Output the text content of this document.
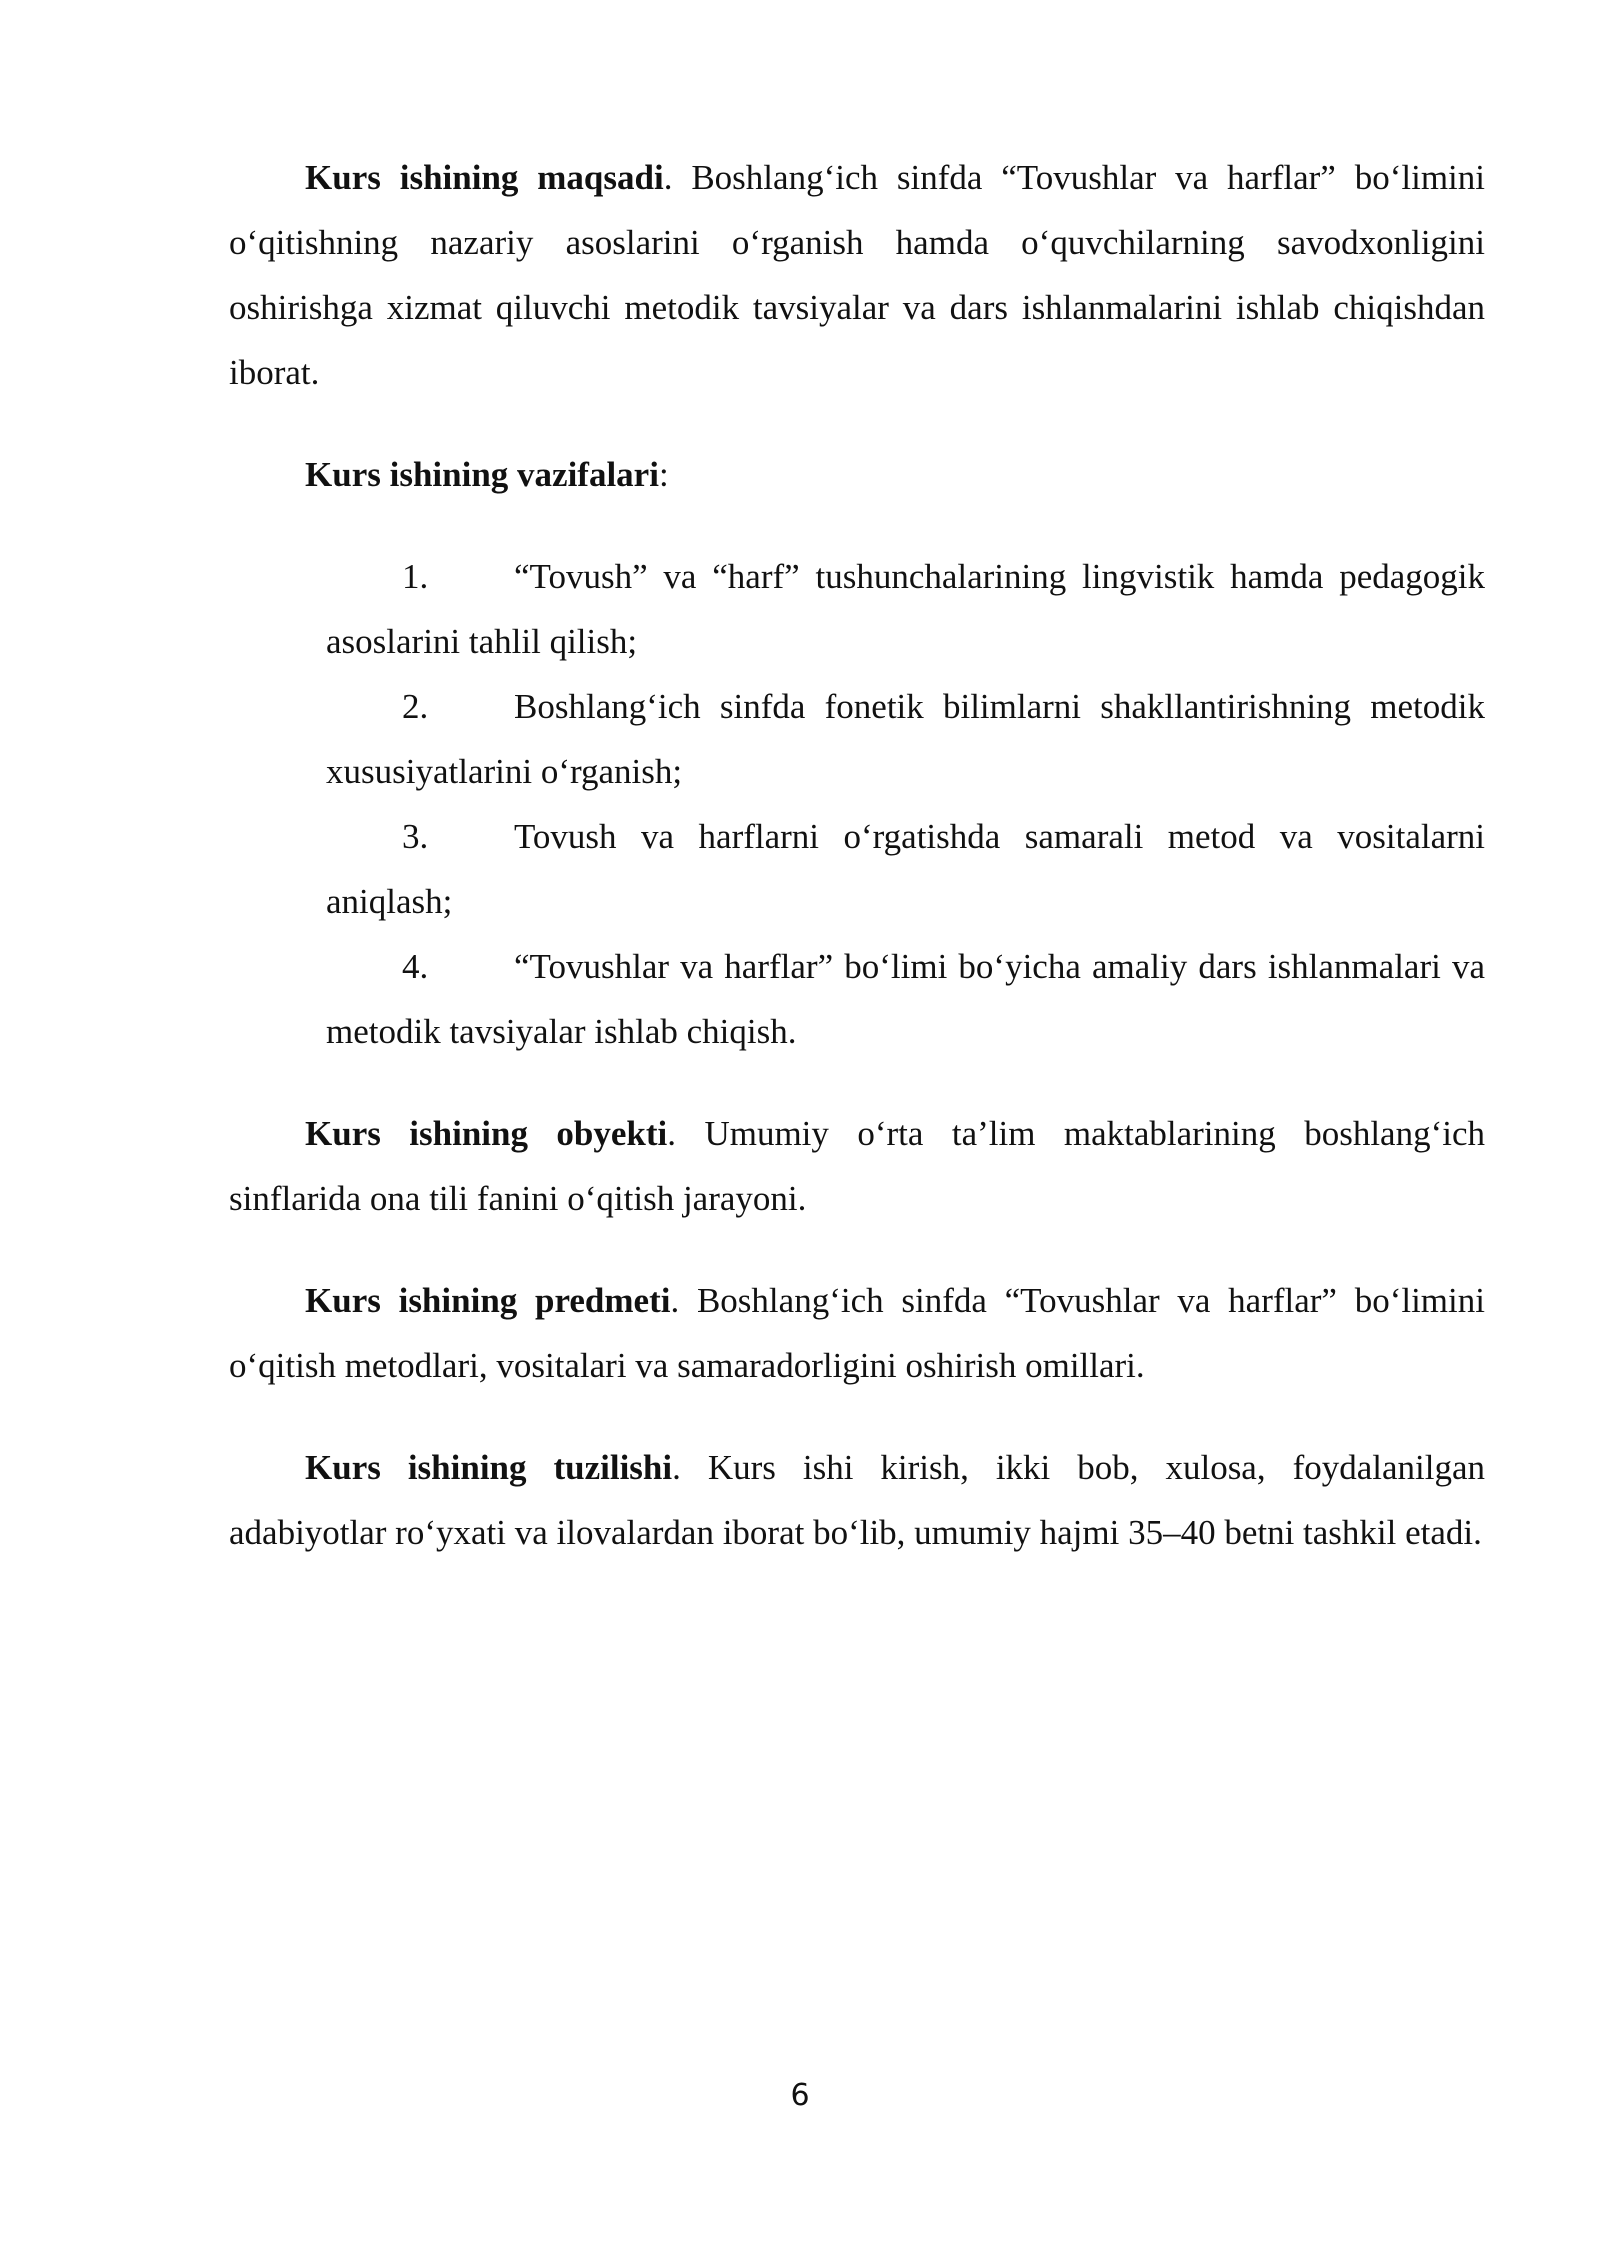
Kurs ishining maqsadi. Boshlang‘ich sinfda “Tovushlar va harflar” bo‘limini o‘qitishning nazariy asoslarini o‘rganish hamda o‘quvchilarning savodxonligini oshirishga xizmat qiluvchi metodik tavsiyalar va dars ishlanmalarini ishlab chiqishdan iborat.

Kurs ishining vazifalari:

1. “Tovush” va “harf” tushunchalarining lingvistik hamda pedagogik asoslarini tahlil qilish;
2. Boshlang‘ich sinfda fonetik bilimlarni shakllantirishning metodik xususiyatlarini o‘rganish;
3. Tovush va harflarni o‘rgatishda samarali metod va vositalarni aniqlash;
4. “Tovushlar va harflar” bo‘limi bo‘yicha amaliy dars ishlanmalari va metodik tavsiyalar ishlab chiqish.

Kurs ishining obyekti. Umumiy o‘rta ta’lim maktablarining boshlang‘ich sinflarida ona tili fanini o‘qitish jarayoni.

Kurs ishining predmeti. Boshlang‘ich sinfda “Tovushlar va harflar” bo‘limini o‘qitish metodlari, vositalari va samaradorligini oshirish omillari.

Kurs ishining tuzilishi. Kurs ishi kirish, ikki bob, xulosa, foydalanilgan adabiyotlar ro‘yxati va ilovalardan iborat bo‘lib, umumiy hajmi 35–40 betni tashkil etadi.

6
